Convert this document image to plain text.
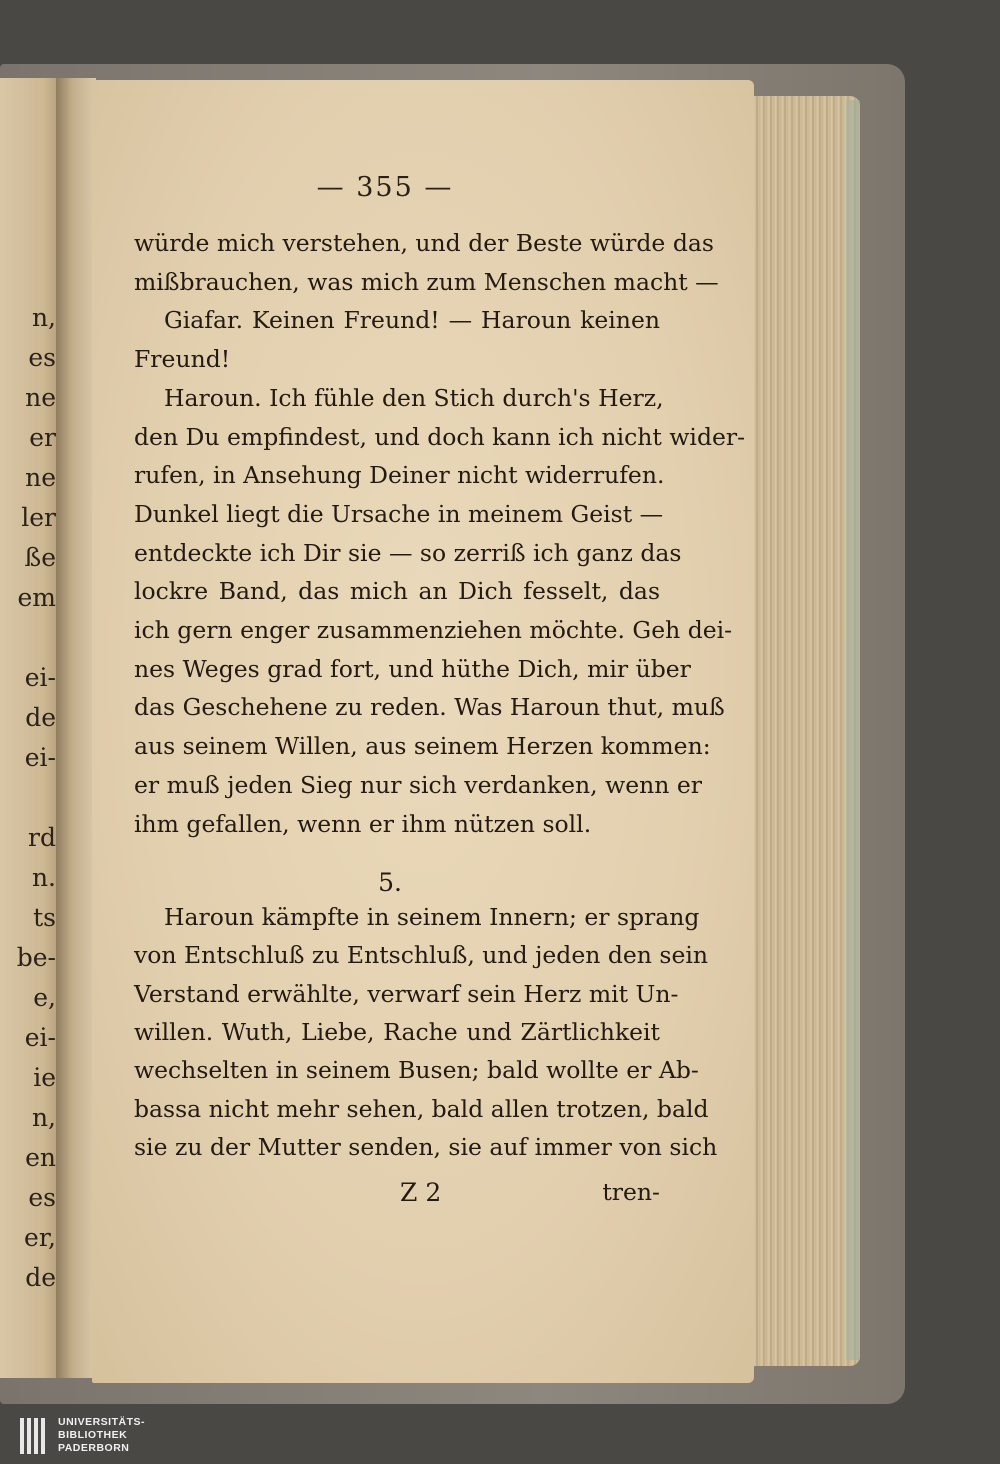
n,
es
ne
er
ne
ler
ße
em
ei-
de
ei-
rd
n.
ts
be-
e,
ei-
ie
n,
en
es
er,
de
— 355 —
würde mich verstehen, und der Beste würde das
mißbrauchen, was mich zum Menschen macht —
Giafar. Keinen Freund! — Haroun keinen
Freund!
Haroun. Ich fühle den Stich durch's Herz,
den Du empfindest, und doch kann ich nicht wider-
rufen, in Ansehung Deiner nicht widerrufen.
Dunkel liegt die Ursache in meinem Geist —
entdeckte ich Dir sie — so zerriß ich ganz das
lockre Band, das mich an Dich fesselt, das
ich gern enger zusammenziehen möchte. Geh dei-
nes Weges grad fort, und hüthe Dich, mir über
das Geschehene zu reden. Was Haroun thut, muß
aus seinem Willen, aus seinem Herzen kommen:
er muß jeden Sieg nur sich verdanken, wenn er
ihm gefallen, wenn er ihm nützen soll.
5.
Haroun kämpfte in seinem Innern; er sprang
von Entschluß zu Entschluß, und jeden den sein
Verstand erwählte, verwarf sein Herz mit Un-
willen. Wuth, Liebe, Rache und Zärtlichkeit
wechselten in seinem Busen; bald wollte er Ab-
bassa nicht mehr sehen, bald allen trotzen, bald
sie zu der Mutter senden, sie auf immer von sich
Z 2	tren-
UNIVERSITÄTS-
BIBLIOTHEK
PADERBORN
